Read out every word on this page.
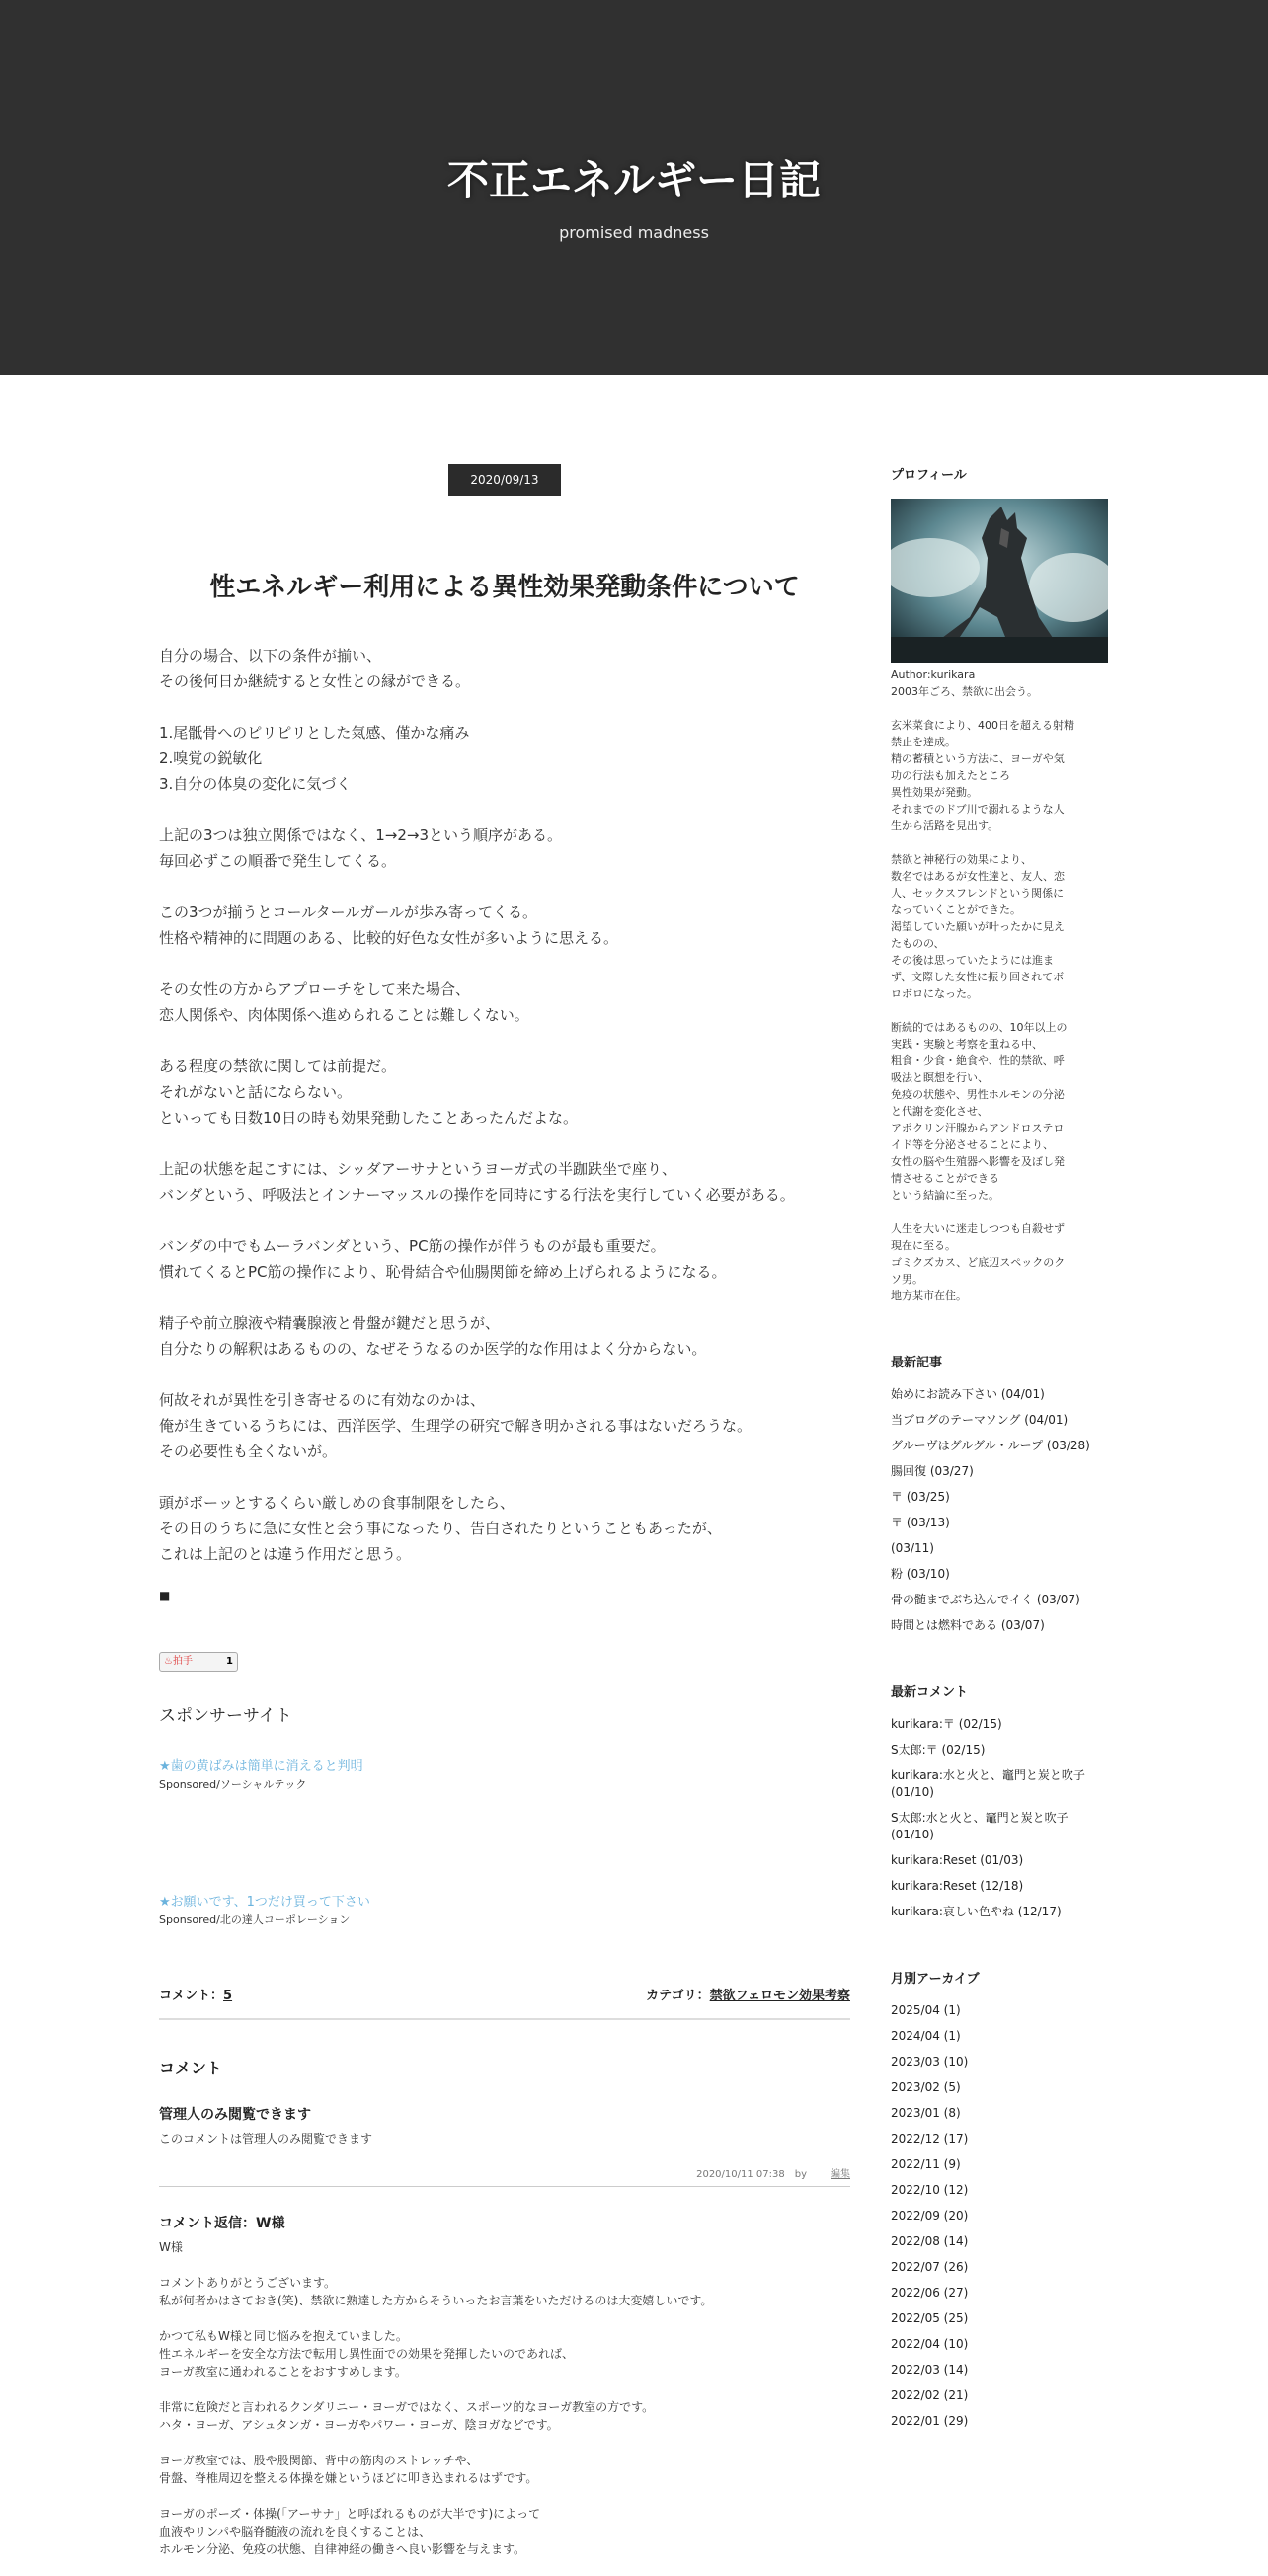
不正エネルギー日記
promised madness
2020/09/13
性エネルギー利用による異性効果発動条件について

自分の場合、以下の条件が揃い、
その後何日か継続すると女性との縁ができる。

1.尾骶骨へのピリピリとした氣感、僅かな痛み
2.嗅覚の鋭敏化
3.自分の体臭の変化に気づく

上記の3つは独立関係ではなく、1→2→3という順序がある。
毎回必ずこの順番で発生してくる。

この3つが揃うとコールタールガールが歩み寄ってくる。
性格や精神的に問題のある、比較的好色な女性が多いように思える。

その女性の方からアプローチをして来た場合、
恋人関係や、肉体関係へ進められることは難しくない。

ある程度の禁欲に関しては前提だ。
それがないと話にならない。
といっても日数10日の時も効果発動したことあったんだよな。

上記の状態を起こすには、シッダアーサナというヨーガ式の半跏趺坐で座り、
バンダという、呼吸法とインナーマッスルの操作を同時にする行法を実行していく必要がある。

バンダの中でもムーラバンダという、PC筋の操作が伴うものが最も重要だ。
慣れてくるとPC筋の操作により、恥骨結合や仙腸関節を締め上げられるようになる。

精子や前立腺液や精嚢腺液と骨盤が鍵だと思うが、
自分なりの解釈はあるものの、なぜそうなるのか医学的な作用はよく分からない。

何故それが異性を引き寄せるのに有効なのかは、
俺が生きているうちには、西洋医学、生理学の研究で解き明かされる事はないだろうな。
その必要性も全くないが。

頭がボーッとするくらい厳しめの食事制限をしたら、
その日のうちに急に女性と会う事になったり、告白されたりということもあったが、
これは上記のとは違う作用だと思う。

■
♨拍手	1
スポンサーサイト
★歯の黄ばみは簡単に消えると判明
Sponsored/ソーシャルテック
★お願いです、1つだけ買って下さい
Sponsored/北の達人コーポレーション
コメント：5	カテゴリ：禁欲フェロモン効果考察
コメント
管理人のみ閲覧できます

このコメントは管理人のみ閲覧できます

2020/10/11 07:38 by 編集
コメント返信：W様

W様

コメントありがとうございます。
私が何者かはさておき(笑)、禁欲に熟達した方からそういったお言葉をいただけるのは大変嬉しいです。

かつて私もW様と同じ悩みを抱えていました。
性エネルギーを安全な方法で転用し異性面での効果を発揮したいのであれば、
ヨーガ教室に通われることをおすすめします。

非常に危険だと言われるクンダリニー・ヨーガではなく、スポーツ的なヨーガ教室の方です。
ハタ・ヨーガ、アシュタンガ・ヨーガやパワー・ヨーガ、陰ヨガなどです。

ヨーガ教室では、股や股関節、背中の筋肉のストレッチや、
骨盤、脊椎周辺を整える体操を嫌というほどに叩き込まれるはずです。

ヨーガのポーズ・体操(「アーサナ」と呼ばれるものが大半です)によって
血液やリンパや脳脊髄液の流れを良くすることは、
ホルモン分泌、免疫の状態、自律神経の働きへ良い影響を与えます。

プロフィール

Author:kurikara
2003年ごろ、禁欲に出会う。

玄米菜食により、400日を超える射精
禁止を達成。
精の蓄積という方法に、ヨーガや気
功の行法も加えたところ
異性効果が発動。
それまでのドブ川で溺れるような人
生から活路を見出す。

禁欲と神秘行の効果により、
数名ではあるが女性達と、友人、恋
人、セックスフレンドという関係に
なっていくことができた。
渇望していた願いが叶ったかに見え
たものの、
その後は思っていたようには進ま
ず、文際した女性に振り回されてボ
ロボロになった。

断続的ではあるものの、10年以上の
実践・実験と考察を重ねる中、
粗食・少食・絶食や、性的禁欲、呼
吸法と瞑想を行い、
免疫の状態や、男性ホルモンの分泌
と代謝を変化させ、
アポクリン汗腺からアンドロステロ
イド等を分泌させることにより、
女性の脳や生殖器へ影響を及ぼし発
情させることができる
という結論に至った。

人生を大いに迷走しつつも自殺せず
現在に至る。
ゴミクズカス、ど底辺スペックのク
ソ男。
地方某市在住。

最新記事
始めにお読み下さい (04/01)
当ブログのテーマソング (04/01)
グルーヴはグルグル・ループ (03/28)
腸回復 (03/27)
〒 (03/25)
〒 (03/13)
(03/11)
粉 (03/10)
骨の髄までぶち込んでイく (03/07)
時間とは燃料である (03/07)
最新コメント
kurikara:〒 (02/15)
S太郎:〒 (02/15)
kurikara:水と火と、竈門と炭と吹子 (01/10)
S太郎:水と火と、竈門と炭と吹子 (01/10)
kurikara:Reset (01/03)
kurikara:Reset (12/18)
kurikara:哀しい色やね (12/17)
月別アーカイブ
2025/04 (1)
2024/04 (1)
2023/03 (10)
2023/02 (5)
2023/01 (8)
2022/12 (17)
2022/11 (9)
2022/10 (12)
2022/09 (20)
2022/08 (14)
2022/07 (26)
2022/06 (27)
2022/05 (25)
2022/04 (10)
2022/03 (14)
2022/02 (21)
2022/01 (29)
